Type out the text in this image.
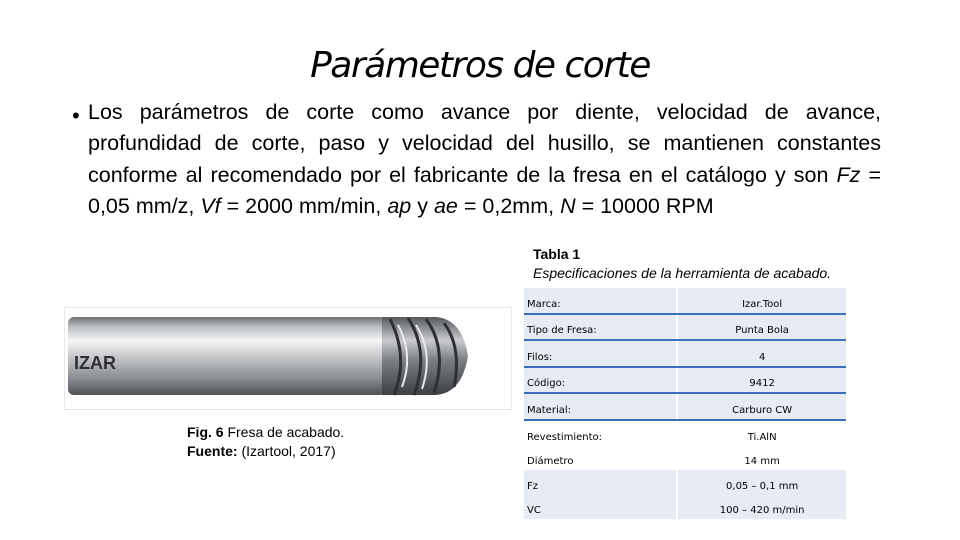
Parámetros de corte
• Los parámetros de corte como avance por diente, velocidad de avance, profundidad de corte, paso y velocidad del husillo, se mantienen constantes conforme al recomendado por el fabricante de la fresa en el catálogo y son Fz = 0,05 mm/z, Vf = 2000 mm/min, ap y ae = 0,2mm, N = 10000 RPM
Tabla 1
Especificaciones de la herramienta de acabado.
Marca:	Izar.Tool
Tipo de Fresa:	Punta Bola
Filos:	4
Código:	9412
Material:	Carburo CW
Revestimiento:	Ti.AlN
Diámetro	14 mm
Fz	0,05 – 0,1 mm
VC	100 – 420 m/min
IZAR
Fig. 6 Fresa de acabado.
Fuente: (Izartool, 2017)
